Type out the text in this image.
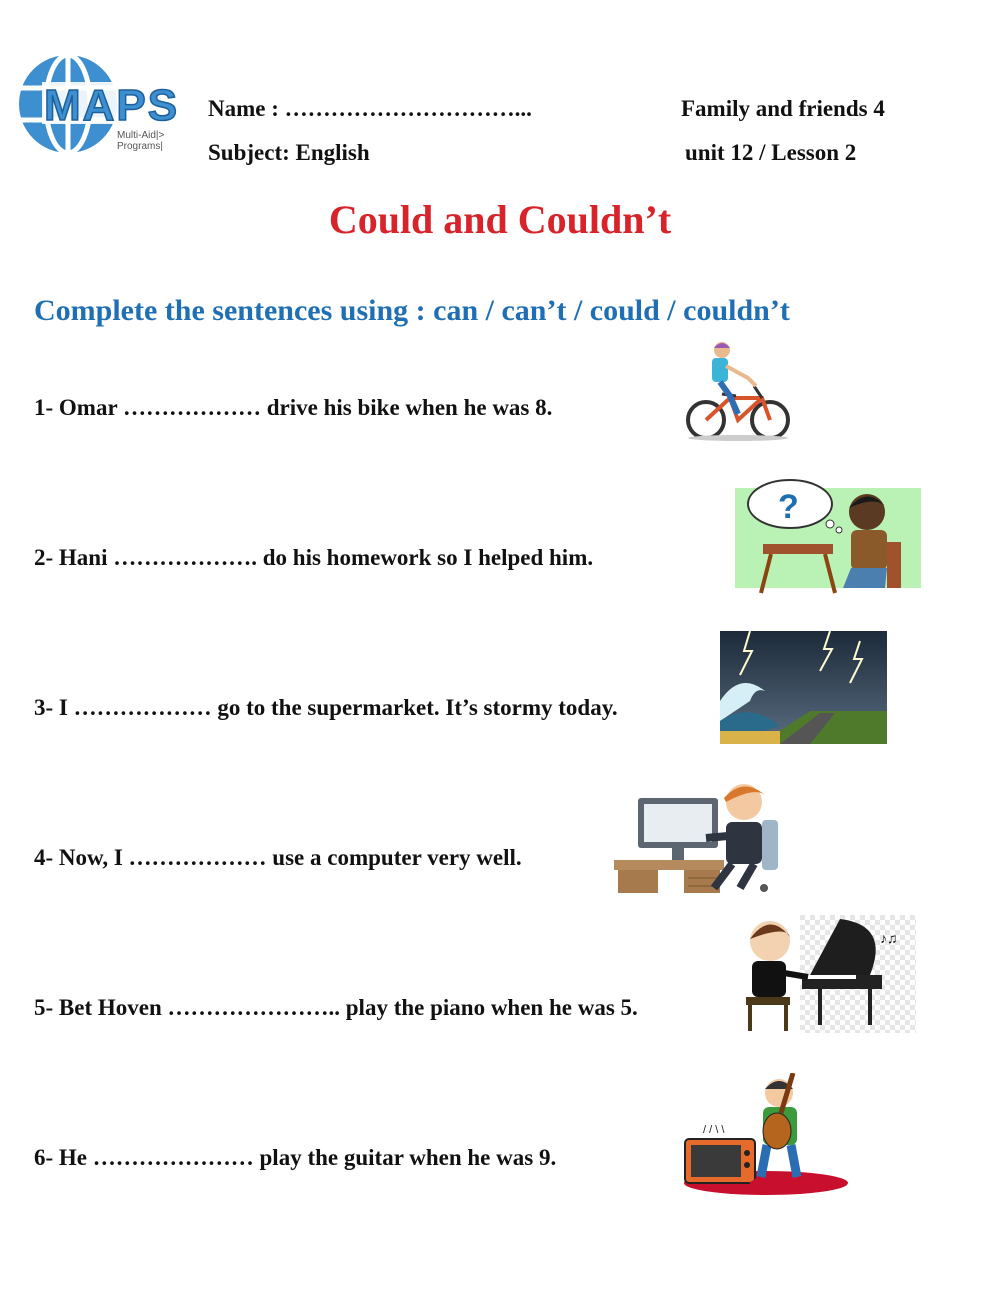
MAPS
Multi-Aid|>
Programs|
Name : …………………………...	Family and friends 4
Subject: English	unit 12 / Lesson 2
Could and Couldn’t
Complete the sentences using : can / can’t / could / couldn’t
1- Omar ……………… drive his bike when he was 8.
2- Hani ………………. do his homework so I helped him.
3- I ……………… go to the supermarket. It’s stormy today.
4- Now, I ……………… use a computer very well.
5- Bet Hoven ………………….. play the piano when he was 5.
6- He ………………… play the guitar when he was 9.
?
♪♫
/ / \ \
